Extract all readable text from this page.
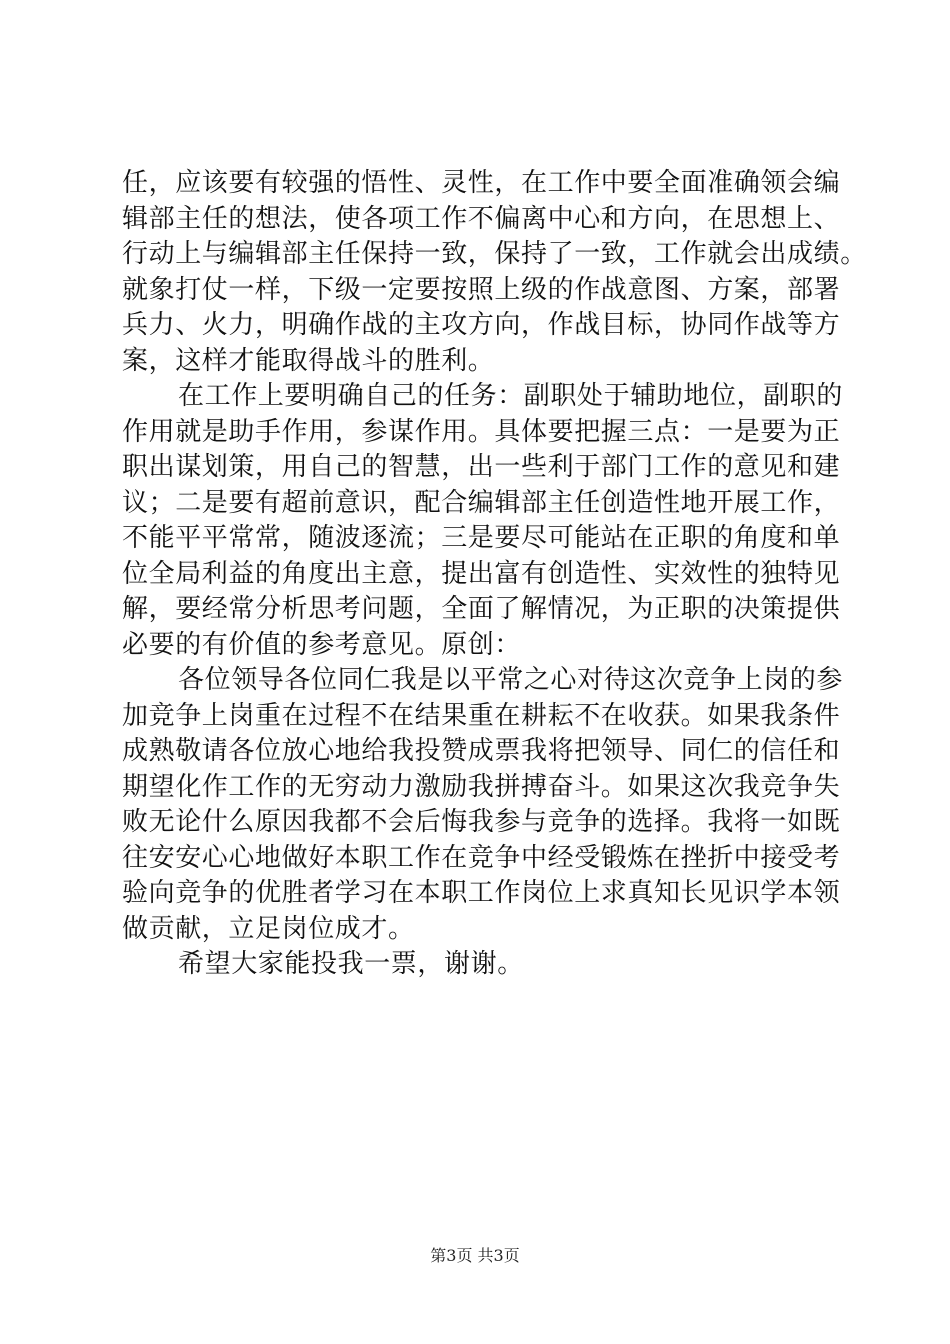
任，应该要有较强的悟性、灵性，在工作中要全面准确领会编
辑部主任的想法，使各项工作不偏离中心和方向，在思想上、
行动上与编辑部主任保持一致，保持了一致，工作就会出成绩。
就象打仗一样，下级一定要按照上级的作战意图、方案，部署
兵力、火力，明确作战的主攻方向，作战目标，协同作战等方
案，这样才能取得战斗的胜利。
在工作上要明确自己的任务：副职处于辅助地位，副职的
作用就是助手作用，参谋作用。具体要把握三点：一是要为正
职出谋划策，用自己的智慧，出一些利于部门工作的意见和建
议；二是要有超前意识，配合编辑部主任创造性地开展工作，
不能平平常常，随波逐流；三是要尽可能站在正职的角度和单
位全局利益的角度出主意，提出富有创造性、实效性的独特见
解，要经常分析思考问题，全面了解情况，为正职的决策提供
必要的有价值的参考意见。原创：
各位领导各位同仁我是以平常之心对待这次竞争上岗的参
加竞争上岗重在过程不在结果重在耕耘不在收获。如果我条件
成熟敬请各位放心地给我投赞成票我将把领导、同仁的信任和
期望化作工作的无穷动力激励我拼搏奋斗。如果这次我竞争失
败无论什么原因我都不会后悔我参与竞争的选择。我将一如既
往安安心心地做好本职工作在竞争中经受锻炼在挫折中接受考
验向竞争的优胜者学习在本职工作岗位上求真知长见识学本领
做贡献，立足岗位成才。
希望大家能投我一票，谢谢。
第3页 共3页
